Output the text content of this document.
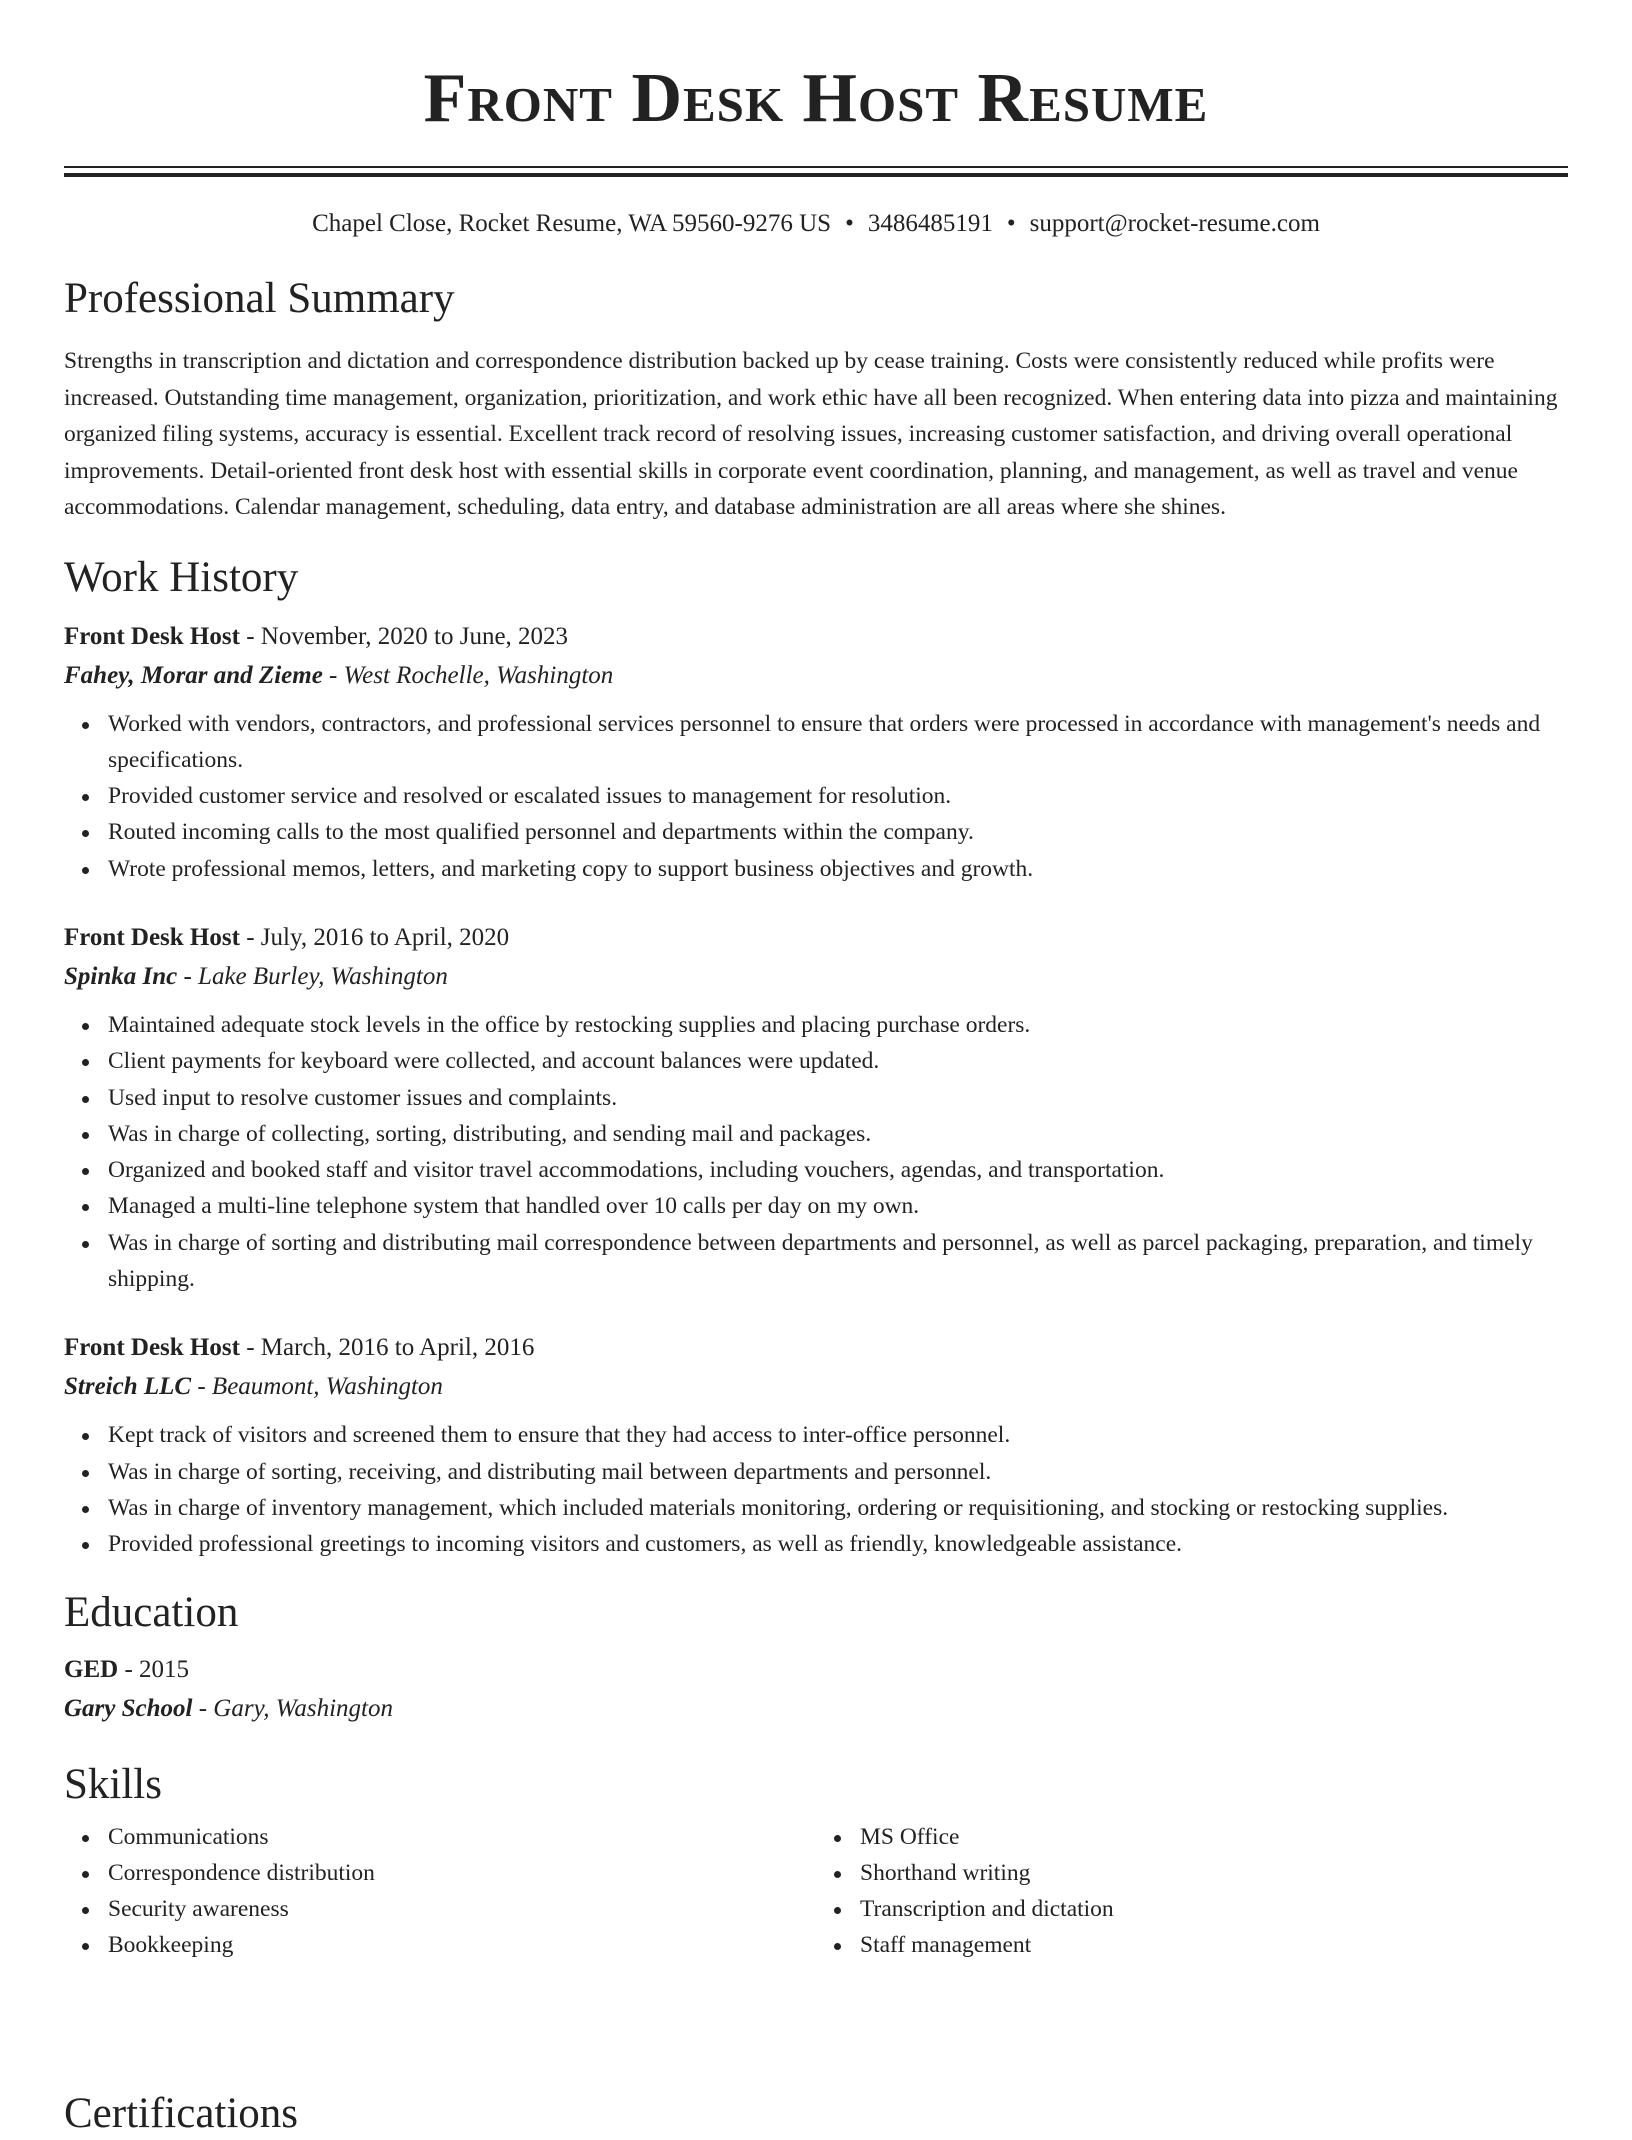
Front Desk Host Resume
Chapel Close, Rocket Resume, WA 59560-9276 US • 3486485191 • support@rocket-resume.com
Professional Summary

Strengths in transcription and dictation and correspondence distribution backed up by cease training. Costs were consistently reduced while profits were increased. Outstanding time management, organization, prioritization, and work ethic have all been recognized. When entering data into pizza and maintaining organized filing systems, accuracy is essential. Excellent track record of resolving issues, increasing customer satisfaction, and driving overall operational improvements. Detail-oriented front desk host with essential skills in corporate event coordination, planning, and management, as well as travel and venue accommodations. Calendar management, scheduling, data entry, and database administration are all areas where she shines.

Work History
Front Desk Host - November, 2020 to June, 2023
Fahey, Morar and Zieme - West Rochelle, Washington
Worked with vendors, contractors, and professional services personnel to ensure that orders were processed in accordance with management's needs and specifications.
Provided customer service and resolved or escalated issues to management for resolution.
Routed incoming calls to the most qualified personnel and departments within the company.
Wrote professional memos, letters, and marketing copy to support business objectives and growth.
Front Desk Host - July, 2016 to April, 2020
Spinka Inc - Lake Burley, Washington
Maintained adequate stock levels in the office by restocking supplies and placing purchase orders.
Client payments for keyboard were collected, and account balances were updated.
Used input to resolve customer issues and complaints.
Was in charge of collecting, sorting, distributing, and sending mail and packages.
Organized and booked staff and visitor travel accommodations, including vouchers, agendas, and transportation.
Managed a multi-line telephone system that handled over 10 calls per day on my own.
Was in charge of sorting and distributing mail correspondence between departments and personnel, as well as parcel packaging, preparation, and timely shipping.
Front Desk Host - March, 2016 to April, 2016
Streich LLC - Beaumont, Washington
Kept track of visitors and screened them to ensure that they had access to inter-office personnel.
Was in charge of sorting, receiving, and distributing mail between departments and personnel.
Was in charge of inventory management, which included materials monitoring, ordering or requisitioning, and stocking or restocking supplies.
Provided professional greetings to incoming visitors and customers, as well as friendly, knowledgeable assistance.
Education
GED - 2015
Gary School - Gary, Washington
Skills
Communications
Correspondence distribution
Security awareness
Bookkeeping
MS Office
Shorthand writing
Transcription and dictation
Staff management
Certifications
